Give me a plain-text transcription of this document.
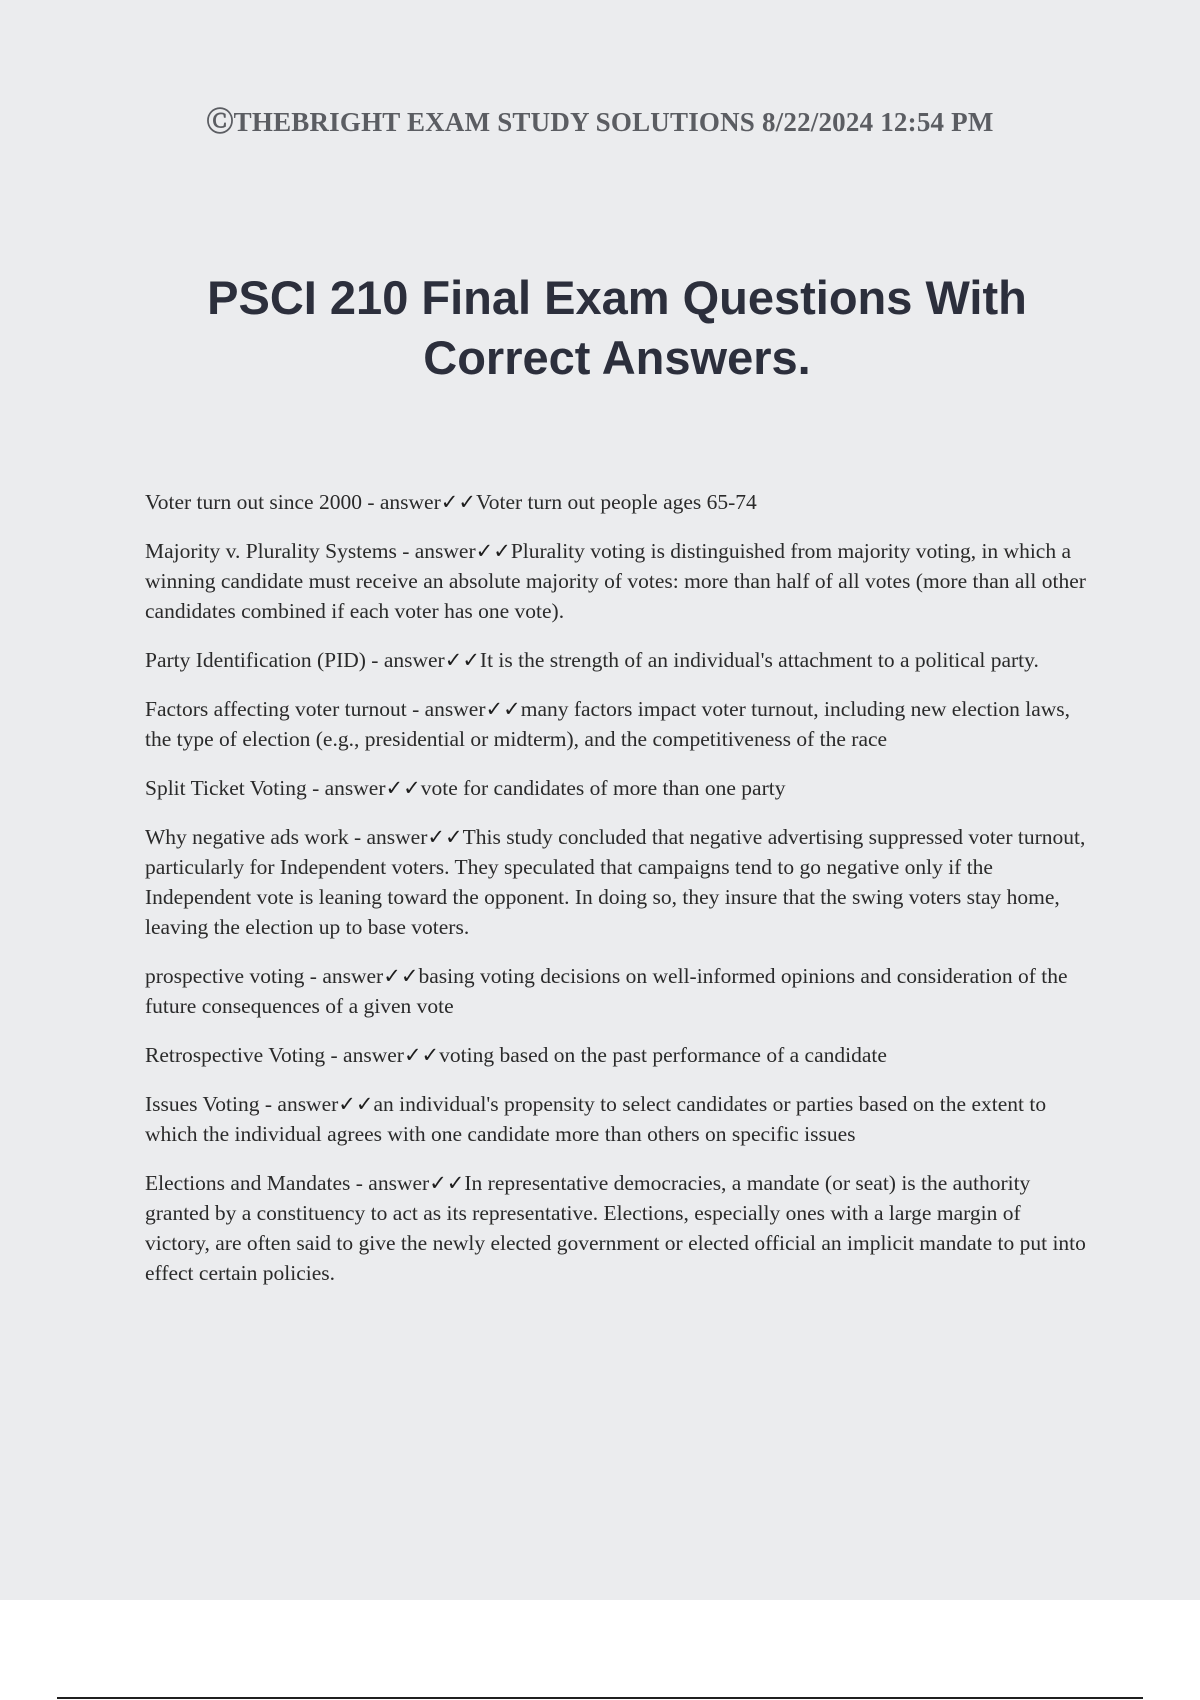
ⒸTHEBRIGHT EXAM STUDY SOLUTIONS 8/22/2024 12:54 PM
PSCI 210 Final Exam Questions With
Correct Answers.

Voter turn out since 2000 - answer✓✓Voter turn out people ages 65-74

Majority v. Plurality Systems - answer✓✓Plurality voting is distinguished from majority voting, in which a winning candidate must receive an absolute majority of votes: more than half of all votes (more than all other candidates combined if each voter has one vote).

Party Identification (PID) - answer✓✓It is the strength of an individual's attachment to a political party.

Factors affecting voter turnout - answer✓✓many factors impact voter turnout, including new election laws, the type of election (e.g., presidential or midterm), and the competitiveness of the race

Split Ticket Voting - answer✓✓vote for candidates of more than one party

Why negative ads work - answer✓✓This study concluded that negative advertising suppressed voter turnout, particularly for Independent voters. They speculated that campaigns tend to go negative only if the Independent vote is leaning toward the opponent. In doing so, they insure that the swing voters stay home, leaving the election up to base voters.

prospective voting - answer✓✓basing voting decisions on well-informed opinions and consideration of the future consequences of a given vote

Retrospective Voting - answer✓✓voting based on the past performance of a candidate

Issues Voting - answer✓✓an individual's propensity to select candidates or parties based on the extent to which the individual agrees with one candidate more than others on specific issues

Elections and Mandates - answer✓✓In representative democracies, a mandate (or seat) is the authority granted by a constituency to act as its representative. Elections, especially ones with a large margin of victory, are often said to give the newly elected government or elected official an implicit mandate to put into effect certain policies.
